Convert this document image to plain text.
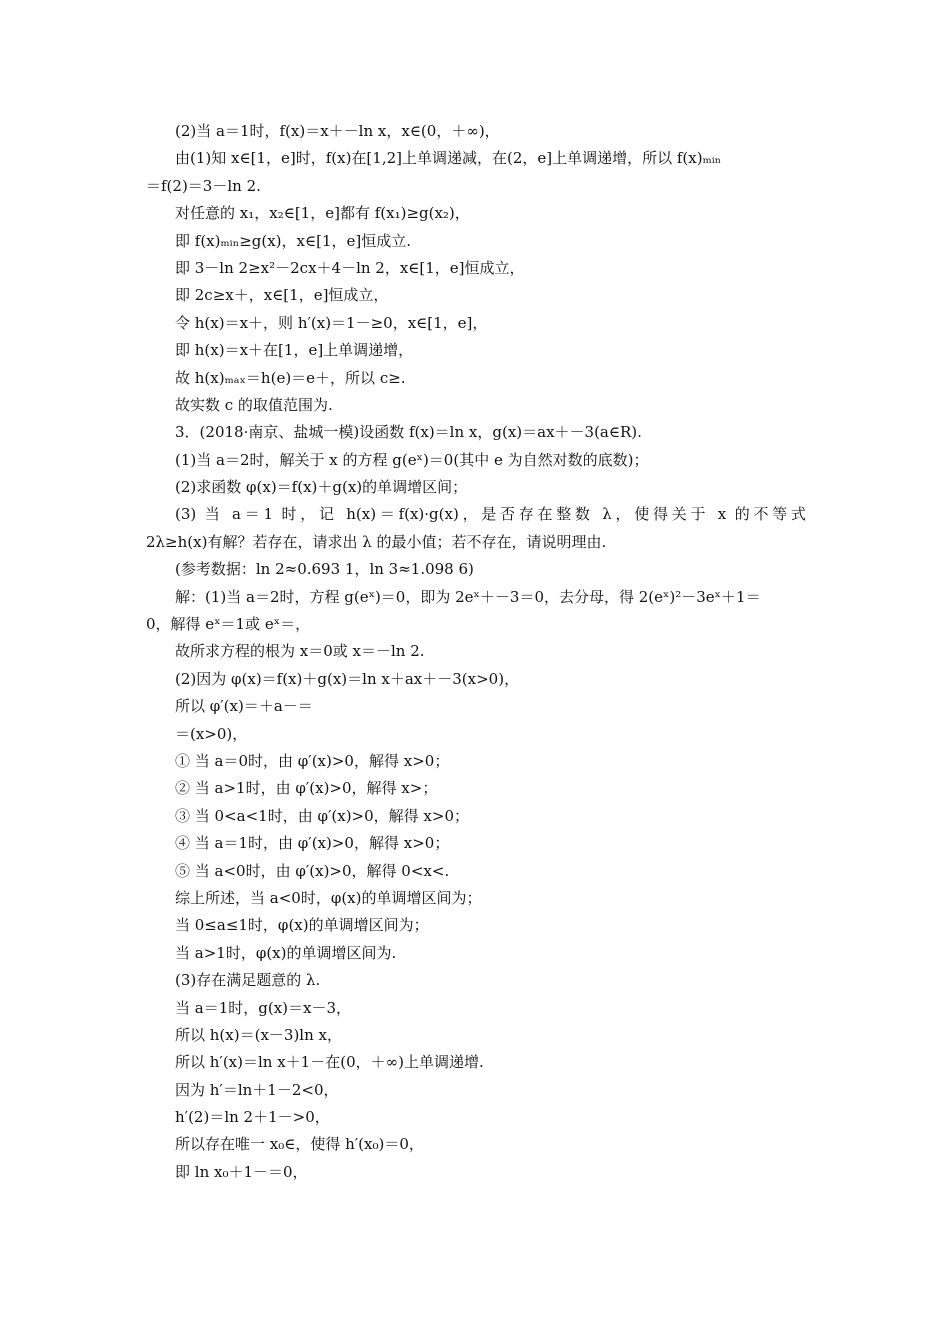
(2)当 a＝1时，f(x)＝x＋－ln x，x∈(0，＋∞)，
由(1)知 x∈[1，e]时，f(x)在[1,2]上单调递减，在(2，e]上单调递增，所以 f(x)ₘᵢₙ
＝f(2)＝3－ln 2.
对任意的 x₁，x₂∈[1，e]都有 f(x₁)≥g(x₂)，
即 f(x)ₘᵢₙ≥g(x)，x∈[1，e]恒成立.
即 3－ln 2≥x²－2cx＋4－ln 2，x∈[1，e]恒成立，
即 2c≥x＋，x∈[1，e]恒成立，
令 h(x)＝x＋，则 h′(x)＝1－≥0，x∈[1，e]，
即 h(x)＝x＋在[1，e]上单调递增，
故 h(x)ₘₐₓ＝h(e)＝e＋，所以 c≥.
故实数 c 的取值范围为.
3．(2018·南京、盐城一模)设函数 f(x)＝ln x，g(x)＝ax＋－3(a∈R).
(1)当 a＝2时，解关于 x 的方程 g(eˣ)＝0(其中 e 为自然对数的底数)；
(2)求函数 φ(x)＝f(x)＋g(x)的单调增区间；
(3) 当 a＝1 时，记 h(x)＝f(x)·g(x)，是否存在整数 λ，使得关于 x 的不等式
2λ≥h(x)有解？若存在，请求出 λ 的最小值；若不存在，请说明理由.
(参考数据：ln 2≈0.693 1，ln 3≈1.098 6)
解：(1)当 a＝2时，方程 g(eˣ)＝0，即为 2eˣ＋－3＝0，去分母，得 2(eˣ)²－3eˣ＋1＝
0，解得 eˣ＝1或 eˣ＝，
故所求方程的根为 x＝0或 x＝－ln 2.
(2)因为 φ(x)＝f(x)＋g(x)＝ln x＋ax＋－3(x>0)，
所以 φ′(x)＝＋a－＝
＝(x>0)，
① 当 a＝0时，由 φ′(x)>0，解得 x>0；
② 当 a>1时，由 φ′(x)>0，解得 x>；
③ 当 0<a<1时，由 φ′(x)>0，解得 x>0；
④ 当 a＝1时，由 φ′(x)>0，解得 x>0；
⑤ 当 a<0时，由 φ′(x)>0，解得 0<x<.
综上所述，当 a<0时，φ(x)的单调增区间为；
当 0≤a≤1时，φ(x)的单调增区间为；
当 a>1时，φ(x)的单调增区间为.
(3)存在满足题意的 λ.
当 a＝1时，g(x)＝x－3，
所以 h(x)＝(x－3)ln x，
所以 h′(x)＝ln x＋1－在(0，＋∞)上单调递增.
因为 h′＝ln＋1－2<0，
h′(2)＝ln 2＋1－>0，
所以存在唯一 x₀∈，使得 h′(x₀)＝0，
即 ln x₀＋1－＝0，
